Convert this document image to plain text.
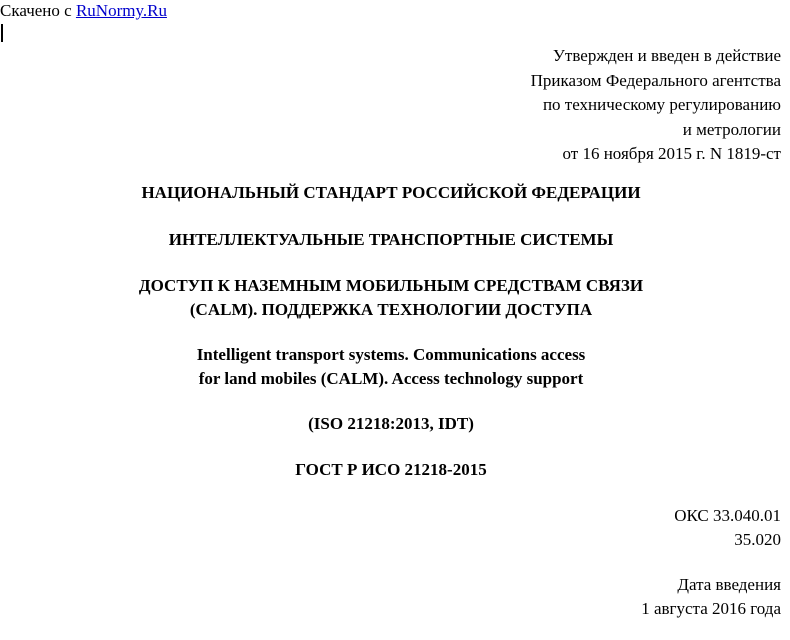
Скачено с RuNormy.Ru
Утвержден и введен в действие
Приказом Федерального агентства
по техническому регулированию
и метрологии
от 16 ноября 2015 г. N 1819-ст
НАЦИОНАЛЬНЫЙ СТАНДАРТ РОССИЙСКОЙ ФЕДЕРАЦИИ
ИНТЕЛЛЕКТУАЛЬНЫЕ ТРАНСПОРТНЫЕ СИСТЕМЫ
ДОСТУП К НАЗЕМНЫМ МОБИЛЬНЫМ СРЕДСТВАМ СВЯЗИ
(CALM). ПОДДЕРЖКА ТЕХНОЛОГИИ ДОСТУПА
Intelligent transport systems. Communications access
for land mobiles (CALM). Access technology support
(ISO 21218:2013, IDT)
ГОСТ Р ИСО 21218-2015
ОКС 33.040.01
35.020
Дата введения
1 августа 2016 года
